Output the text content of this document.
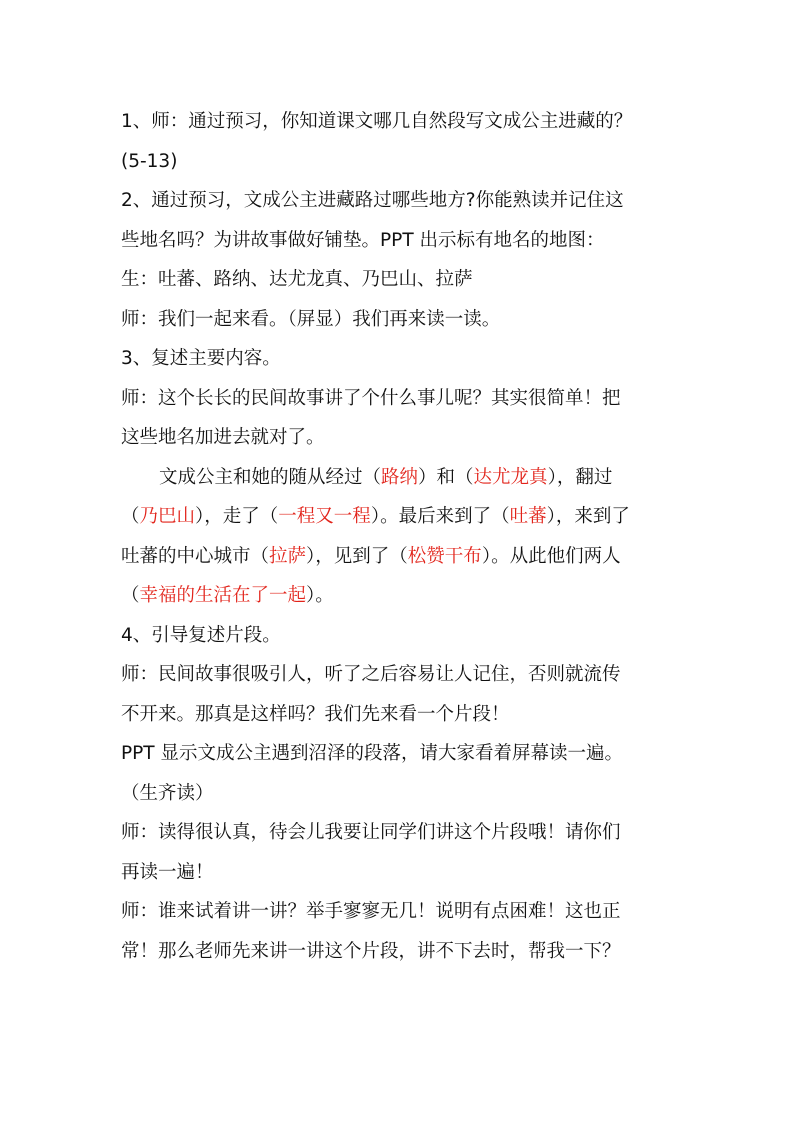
1、师：通过预习，你知道课文哪几自然段写文成公主进藏的？
(5-13)
2、通过预习，文成公主进藏路过哪些地方?你能熟读并记住这
些地名吗？为讲故事做好铺垫。PPT 出示标有地名的地图：
生：吐蕃、路纳、达尤龙真、乃巴山、拉萨
师：我们一起来看。（屏显）我们再来读一读。
3、复述主要内容。
师：这个长长的民间故事讲了个什么事儿呢？其实很简单！把
这些地名加进去就对了。
文成公主和她的随从经过（路纳）和（达尤龙真），翻过
（乃巴山），走了（一程又一程）。最后来到了（吐蕃），来到了
吐蕃的中心城市（拉萨），见到了（松赞干布）。从此他们两人
（幸福的生活在了一起）。
4、引导复述片段。
师：民间故事很吸引人，听了之后容易让人记住，否则就流传
不开来。那真是这样吗？我们先来看一个片段！
PPT 显示文成公主遇到沼泽的段落，请大家看着屏幕读一遍。
（生齐读）
师：读得很认真，待会儿我要让同学们讲这个片段哦！请你们
再读一遍！
师：谁来试着讲一讲？举手寥寥无几！说明有点困难！这也正
常！那么老师先来讲一讲这个片段，讲不下去时，帮我一下？
